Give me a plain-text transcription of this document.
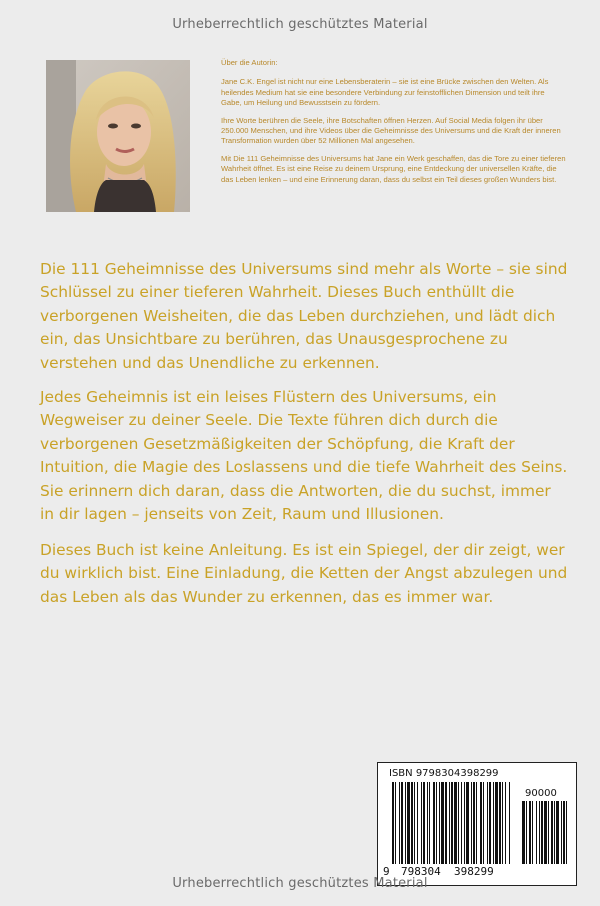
Urheberrechtlich geschütztes Material

Über die Autorin:

Jane C.K. Engel ist nicht nur eine Lebensberaterin – sie ist eine Brücke zwischen den Welten. Als heilendes Medium hat sie eine besondere Verbindung zur feinstofflichen Dimension und teilt ihre Gabe, um Heilung und Bewusstsein zu fördern.

Ihre Worte berühren die Seele, ihre Botschaften öffnen Herzen. Auf Social Media folgen ihr über 250.000 Menschen, und ihre Videos über die Geheimnisse des Universums und die Kraft der inneren Transformation wurden über 52 Millionen Mal angesehen.

Mit Die 111 Geheimnisse des Universums hat Jane ein Werk geschaffen, das die Tore zu einer tieferen Wahrheit öffnet. Es ist eine Reise zu deinem Ursprung, eine Entdeckung der universellen Kräfte, die das Leben lenken – und eine Erinnerung daran, dass du selbst ein Teil dieses großen Wunders bist.

Die 111 Geheimnisse des Universums sind mehr als Worte – sie sind Schlüssel zu einer tieferen Wahrheit. Dieses Buch enthüllt die verborgenen Weisheiten, die das Leben durchziehen, und lädt dich ein, das Unsichtbare zu berühren, das Unausgesprochene zu verstehen und das Unendliche zu erkennen.

Jedes Geheimnis ist ein leises Flüstern des Universums, ein Wegweiser zu deiner Seele. Die Texte führen dich durch die verborgenen Gesetzmäßigkeiten der Schöpfung, die Kraft der Intuition, die Magie des Loslassens und die tiefe Wahrheit des Seins. Sie erinnern dich daran, dass die Antworten, die du suchst, immer in dir lagen – jenseits von Zeit, Raum und Illusionen.

Dieses Buch ist keine Anleitung. Es ist ein Spiegel, der dir zeigt, wer du wirklich bist. Eine Einladung, die Ketten der Angst abzulegen und das Leben als das Wunder zu erkennen, das es immer war.

ISBN 9798304398299
90000
9 798304 398299
Urheberrechtlich geschütztes Material
